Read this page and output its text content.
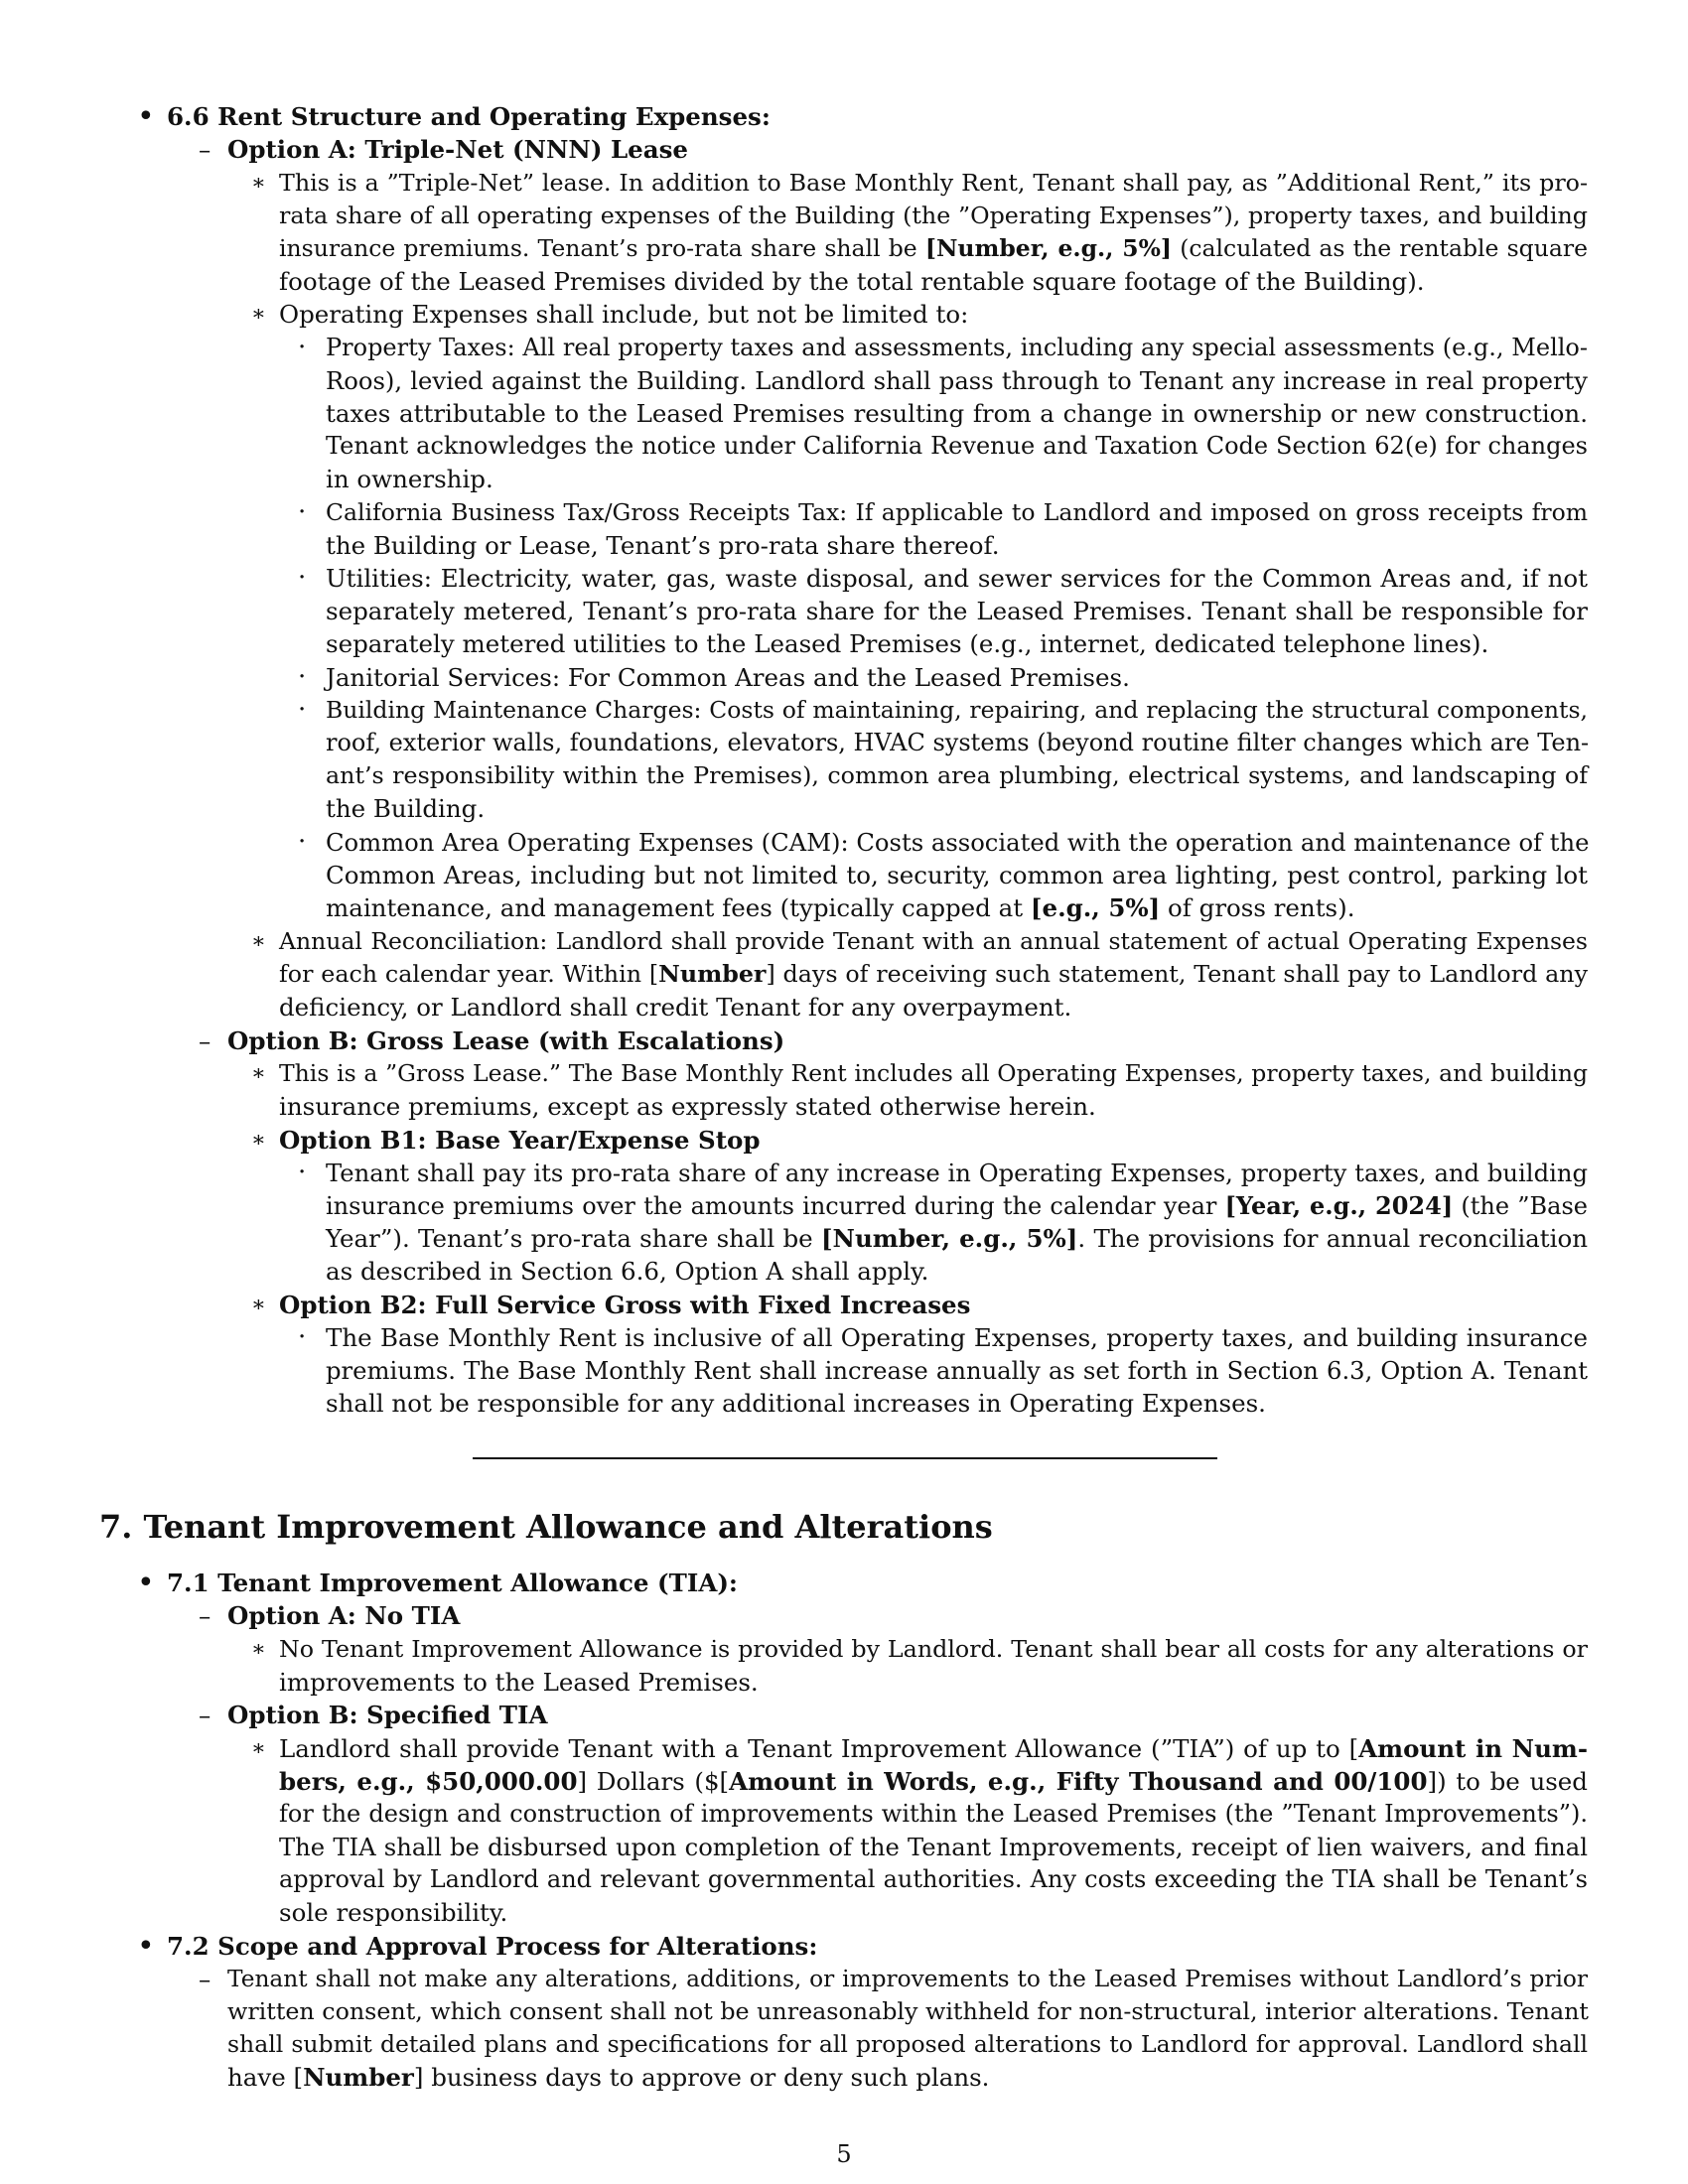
• 6.6 Rent Structure and Operating Expenses:
– Option A: Triple-Net (NNN) Lease
∗ This is a ”Triple-Net” lease. In addition to Base Monthly Rent, Tenant shall pay, as ”Additional Rent,” its pro-
rata share of all operating expenses of the Building (the ”Operating Expenses”), property taxes, and building
insurance premiums. Tenant’s pro-rata share shall be [Number, e.g., 5%] (calculated as the rentable square
footage of the Leased Premises divided by the total rentable square footage of the Building).
∗ Operating Expenses shall include, but not be limited to:
· Property Taxes: All real property taxes and assessments, including any special assessments (e.g., Mello-
Roos), levied against the Building. Landlord shall pass through to Tenant any increase in real property
taxes attributable to the Leased Premises resulting from a change in ownership or new construction.
Tenant acknowledges the notice under California Revenue and Taxation Code Section 62(e) for changes
in ownership.
· California Business Tax/Gross Receipts Tax: If applicable to Landlord and imposed on gross receipts from
the Building or Lease, Tenant’s pro-rata share thereof.
· Utilities: Electricity, water, gas, waste disposal, and sewer services for the Common Areas and, if not
separately metered, Tenant’s pro-rata share for the Leased Premises. Tenant shall be responsible for
separately metered utilities to the Leased Premises (e.g., internet, dedicated telephone lines).
· Janitorial Services: For Common Areas and the Leased Premises.
· Building Maintenance Charges: Costs of maintaining, repairing, and replacing the structural components,
roof, exterior walls, foundations, elevators, HVAC systems (beyond routine filter changes which are Ten-
ant’s responsibility within the Premises), common area plumbing, electrical systems, and landscaping of
the Building.
· Common Area Operating Expenses (CAM): Costs associated with the operation and maintenance of the
Common Areas, including but not limited to, security, common area lighting, pest control, parking lot
maintenance, and management fees (typically capped at [e.g., 5%] of gross rents).
∗ Annual Reconciliation: Landlord shall provide Tenant with an annual statement of actual Operating Expenses
for each calendar year. Within [Number] days of receiving such statement, Tenant shall pay to Landlord any
deficiency, or Landlord shall credit Tenant for any overpayment.
– Option B: Gross Lease (with Escalations)
∗ This is a ”Gross Lease.” The Base Monthly Rent includes all Operating Expenses, property taxes, and building
insurance premiums, except as expressly stated otherwise herein.
∗ Option B1: Base Year/Expense Stop
· Tenant shall pay its pro-rata share of any increase in Operating Expenses, property taxes, and building
insurance premiums over the amounts incurred during the calendar year [Year, e.g., 2024] (the ”Base
Year”). Tenant’s pro-rata share shall be [Number, e.g., 5%]. The provisions for annual reconciliation
as described in Section 6.6, Option A shall apply.
∗ Option B2: Full Service Gross with Fixed Increases
· The Base Monthly Rent is inclusive of all Operating Expenses, property taxes, and building insurance
premiums. The Base Monthly Rent shall increase annually as set forth in Section 6.3, Option A. Tenant
shall not be responsible for any additional increases in Operating Expenses.
7. Tenant Improvement Allowance and Alterations
• 7.1 Tenant Improvement Allowance (TIA):
– Option A: No TIA
∗ No Tenant Improvement Allowance is provided by Landlord. Tenant shall bear all costs for any alterations or
improvements to the Leased Premises.
– Option B: Specified TIA
∗ Landlord shall provide Tenant with a Tenant Improvement Allowance (”TIA”) of up to [Amount in Num-
bers, e.g., $50,000.00] Dollars ($[Amount in Words, e.g., Fifty Thousand and 00/100]) to be used
for the design and construction of improvements within the Leased Premises (the ”Tenant Improvements”).
The TIA shall be disbursed upon completion of the Tenant Improvements, receipt of lien waivers, and final
approval by Landlord and relevant governmental authorities. Any costs exceeding the TIA shall be Tenant’s
sole responsibility.
• 7.2 Scope and Approval Process for Alterations:
– Tenant shall not make any alterations, additions, or improvements to the Leased Premises without Landlord’s prior
written consent, which consent shall not be unreasonably withheld for non-structural, interior alterations. Tenant
shall submit detailed plans and specifications for all proposed alterations to Landlord for approval. Landlord shall
have [Number] business days to approve or deny such plans.
5
